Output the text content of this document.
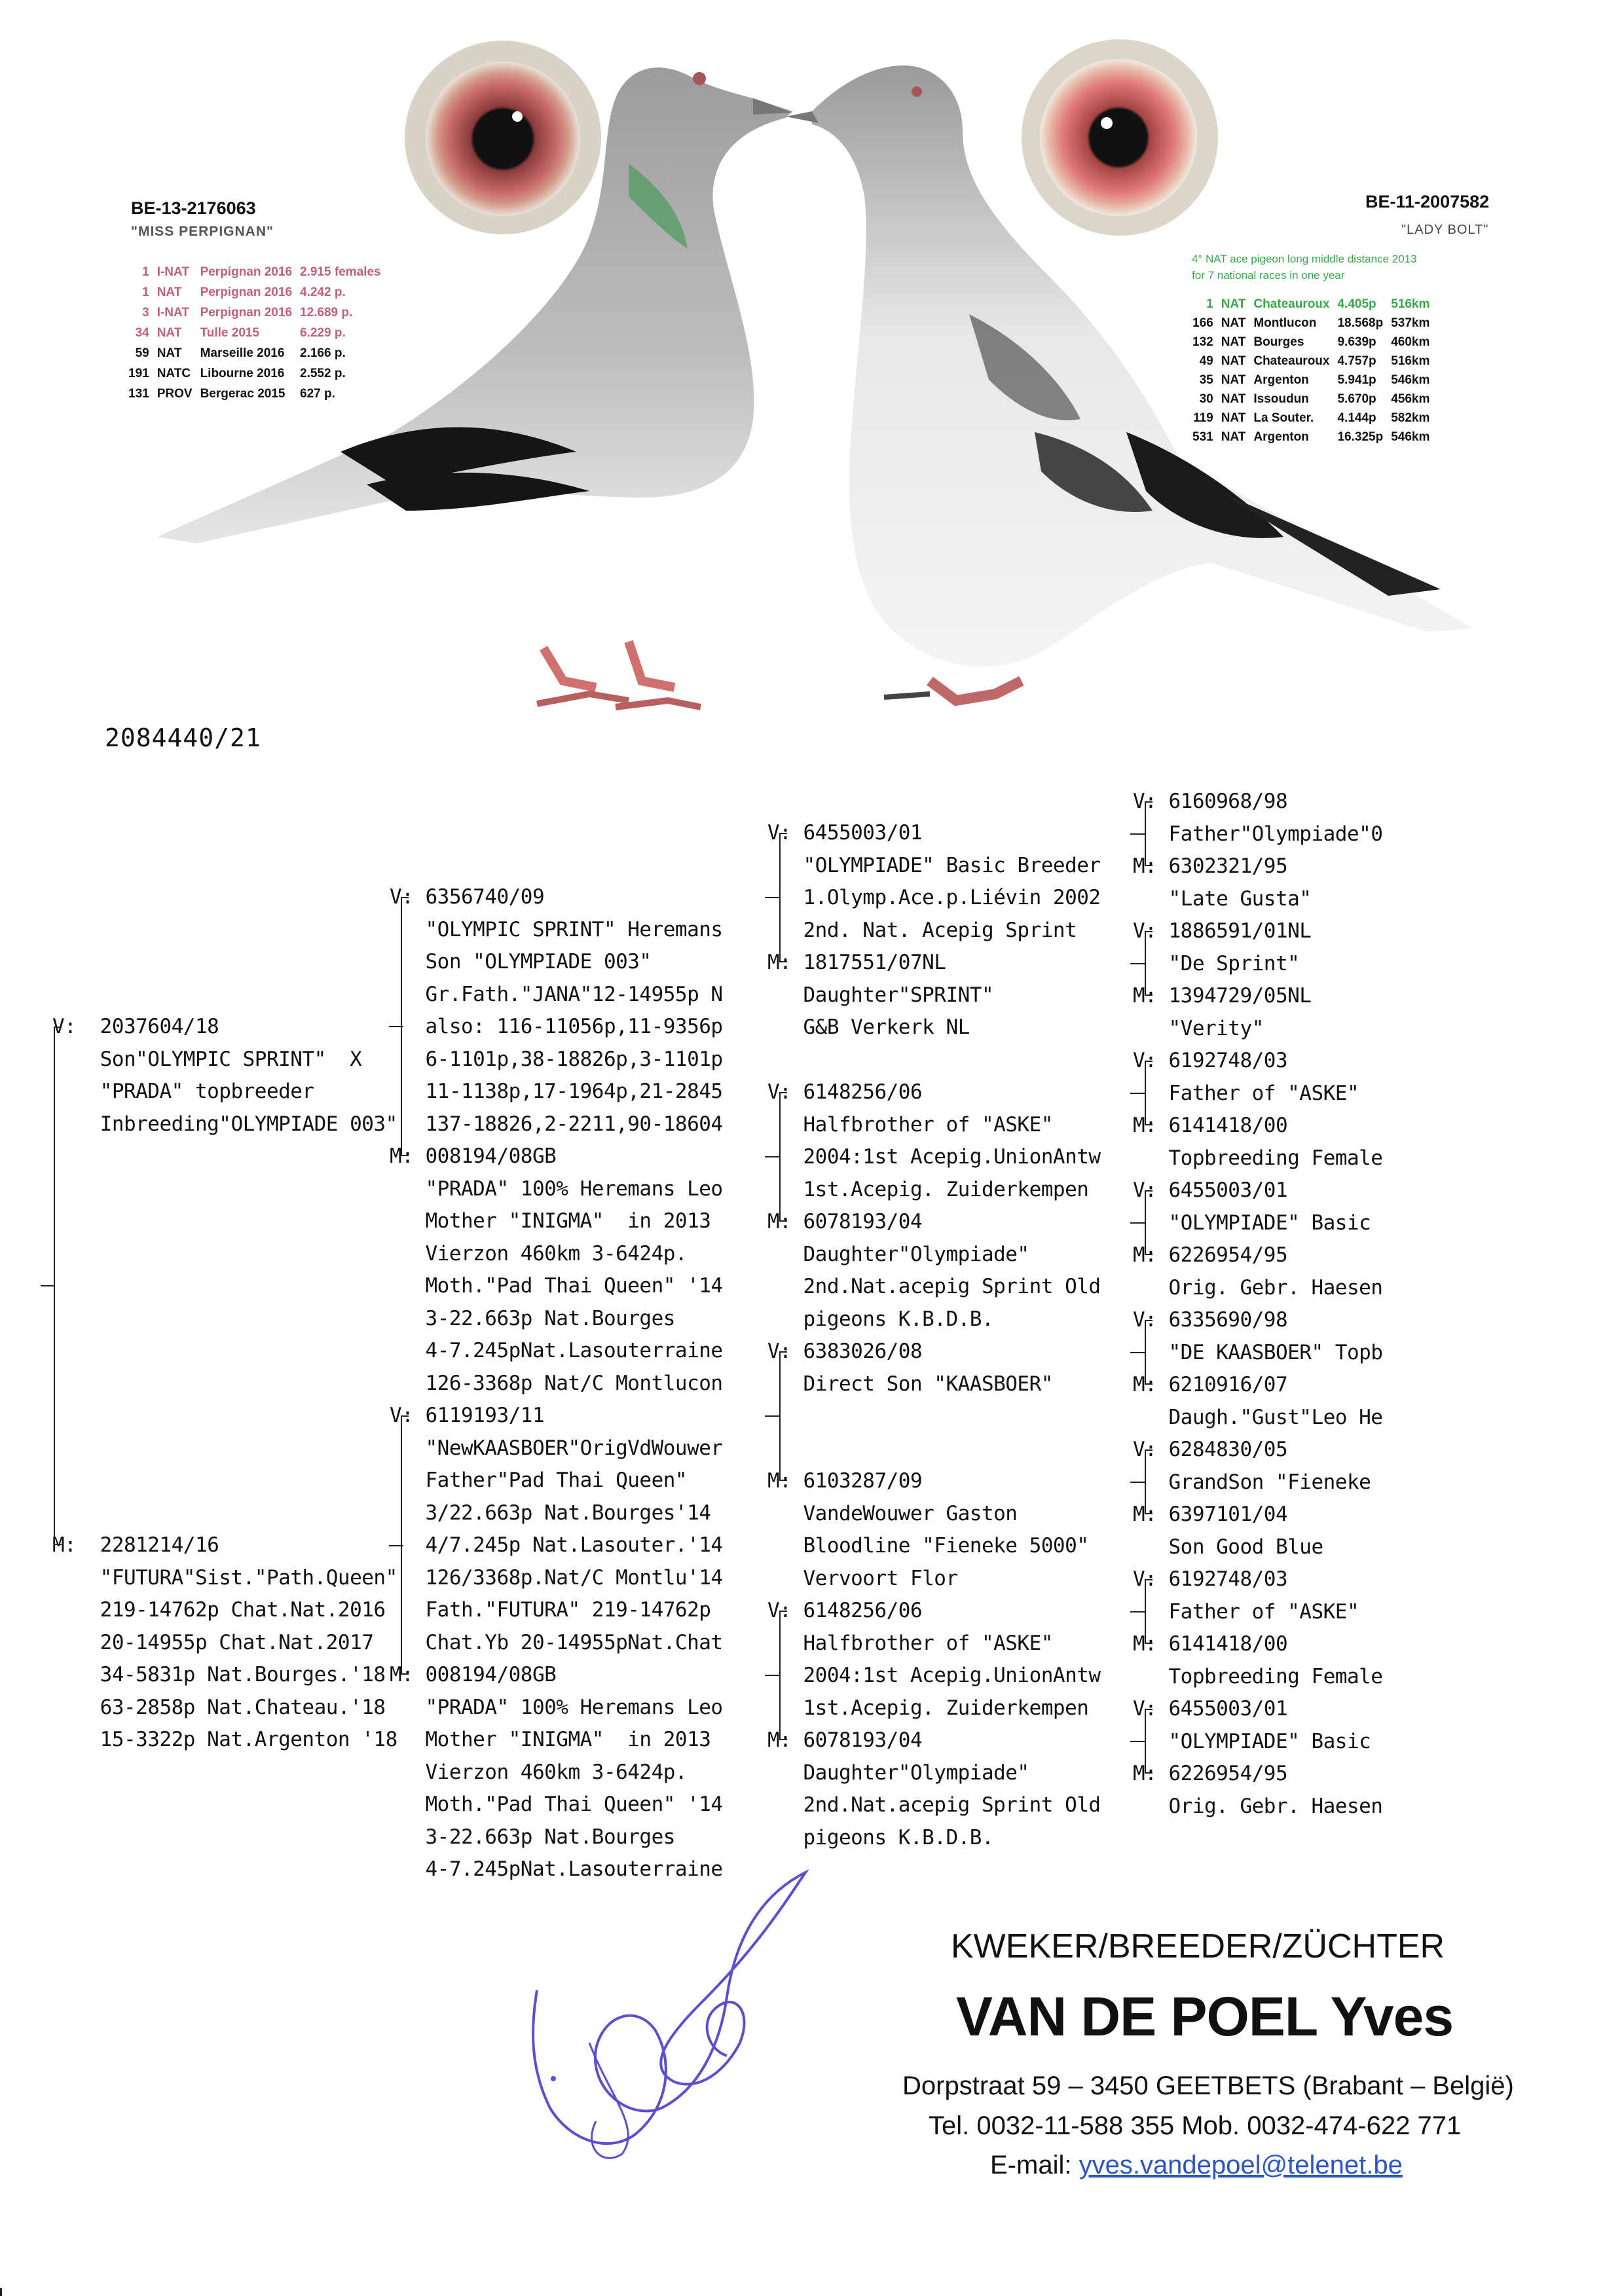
BE-13-2176063
"MISS PERPIGNAN"
1	I-NAT	Perpignan 2016	2.915 females
1	NAT	Perpignan 2016	4.242 p.
3	I-NAT	Perpignan 2016	12.689 p.
34	NAT	Tulle 2015	6.229 p.
59	NAT	Marseille 2016	2.166 p.
191	NATC	Libourne 2016	2.552 p.
131	PROV	Bergerac 2015	627 p.
BE-11-2007582
"LADY BOLT"
4° NAT ace pigeon long middle distance 2013
for 7 national races in one year
1	NAT	Chateauroux	4.405p	516km
166	NAT	Montlucon	18.568p	537km
132	NAT	Bourges	9.639p	460km
49	NAT	Chateauroux	4.757p	516km
35	NAT	Argenton	5.941p	546km
30	NAT	Issoudun	5.670p	456km
119	NAT	La Souter.	4.144p	582km
531	NAT	Argenton	16.325p	546km
2084440/21
V:  2037604/18
Son"OLYMPIC SPRINT"  X
"PRADA" topbreeder
Inbreeding"OLYMPIADE 003"
M:  2281214/16
"FUTURA"Sist."Path.Queen"
219-14762p Chat.Nat.2016
20-14955p Chat.Nat.2017
34-5831p Nat.Bourges.'18
63-2858p Nat.Chateau.'18
15-3322p Nat.Argenton '18
V: 6356740/09
"OLYMPIC SPRINT" Heremans
Son "OLYMPIADE 003"
Gr.Fath."JANA"12-14955p N
also: 116-11056p,11-9356p
6-1101p,38-18826p,3-1101p
11-1138p,17-1964p,21-2845
137-18826,2-2211,90-18604
M: 008194/08GB
"PRADA" 100% Heremans Leo
Mother "INIGMA"  in 2013
Vierzon 460km 3-6424p.
Moth."Pad Thai Queen" '14
3-22.663p Nat.Bourges
4-7.245pNat.Lasouterraine
126-3368p Nat/C Montlucon
V: 6119193/11
"NewKAASBOER"OrigVdWouwer
Father"Pad Thai Queen"
3/22.663p Nat.Bourges'14
4/7.245p Nat.Lasouter.'14
126/3368p.Nat/C Montlu'14
Fath."FUTURA" 219-14762p
Chat.Yb 20-14955pNat.Chat
M: 008194/08GB
"PRADA" 100% Heremans Leo
Mother "INIGMA"  in 2013
Vierzon 460km 3-6424p.
Moth."Pad Thai Queen" '14
3-22.663p Nat.Bourges
4-7.245pNat.Lasouterraine
V: 6455003/01
"OLYMPIADE" Basic Breeder
1.Olymp.Ace.p.Liévin 2002
2nd. Nat. Acepig Sprint
M: 1817551/07NL
Daughter"SPRINT"
G&B Verkerk NL
V: 6148256/06
Halfbrother of "ASKE"
2004:1st Acepig.UnionAntw
1st.Acepig. Zuiderkempen
M: 6078193/04
Daughter"Olympiade"
2nd.Nat.acepig Sprint Old
pigeons K.B.D.B.
V: 6383026/08
Direct Son "KAASBOER"
M: 6103287/09
VandeWouwer Gaston
Bloodline "Fieneke 5000"
Vervoort Flor
V: 6148256/06
Halfbrother of "ASKE"
2004:1st Acepig.UnionAntw
1st.Acepig. Zuiderkempen
M: 6078193/04
Daughter"Olympiade"
2nd.Nat.acepig Sprint Old
pigeons K.B.D.B.
V: 6160968/98
Father"Olympiade"0
M: 6302321/95
"Late Gusta"
V: 1886591/01NL
"De Sprint"
M: 1394729/05NL
"Verity"
V: 6192748/03
Father of "ASKE"
M: 6141418/00
Topbreeding Female
V: 6455003/01
"OLYMPIADE" Basic
M: 6226954/95
Orig. Gebr. Haesen
V: 6335690/98
"DE KAASBOER" Topb
M: 6210916/07
Daugh."Gust"Leo He
V: 6284830/05
GrandSon "Fieneke
M: 6397101/04
Son Good Blue
V: 6192748/03
Father of "ASKE"
M: 6141418/00
Topbreeding Female
V: 6455003/01
"OLYMPIADE" Basic
M: 6226954/95
Orig. Gebr. Haesen
KWEKER/BREEDER/ZÜCHTER
VAN DE POEL Yves
Dorpstraat 59 – 3450 GEETBETS (Brabant – België)
Tel. 0032-11-588 355 Mob. 0032-474-622 771
E-mail: yves.vandepoel@telenet.be
